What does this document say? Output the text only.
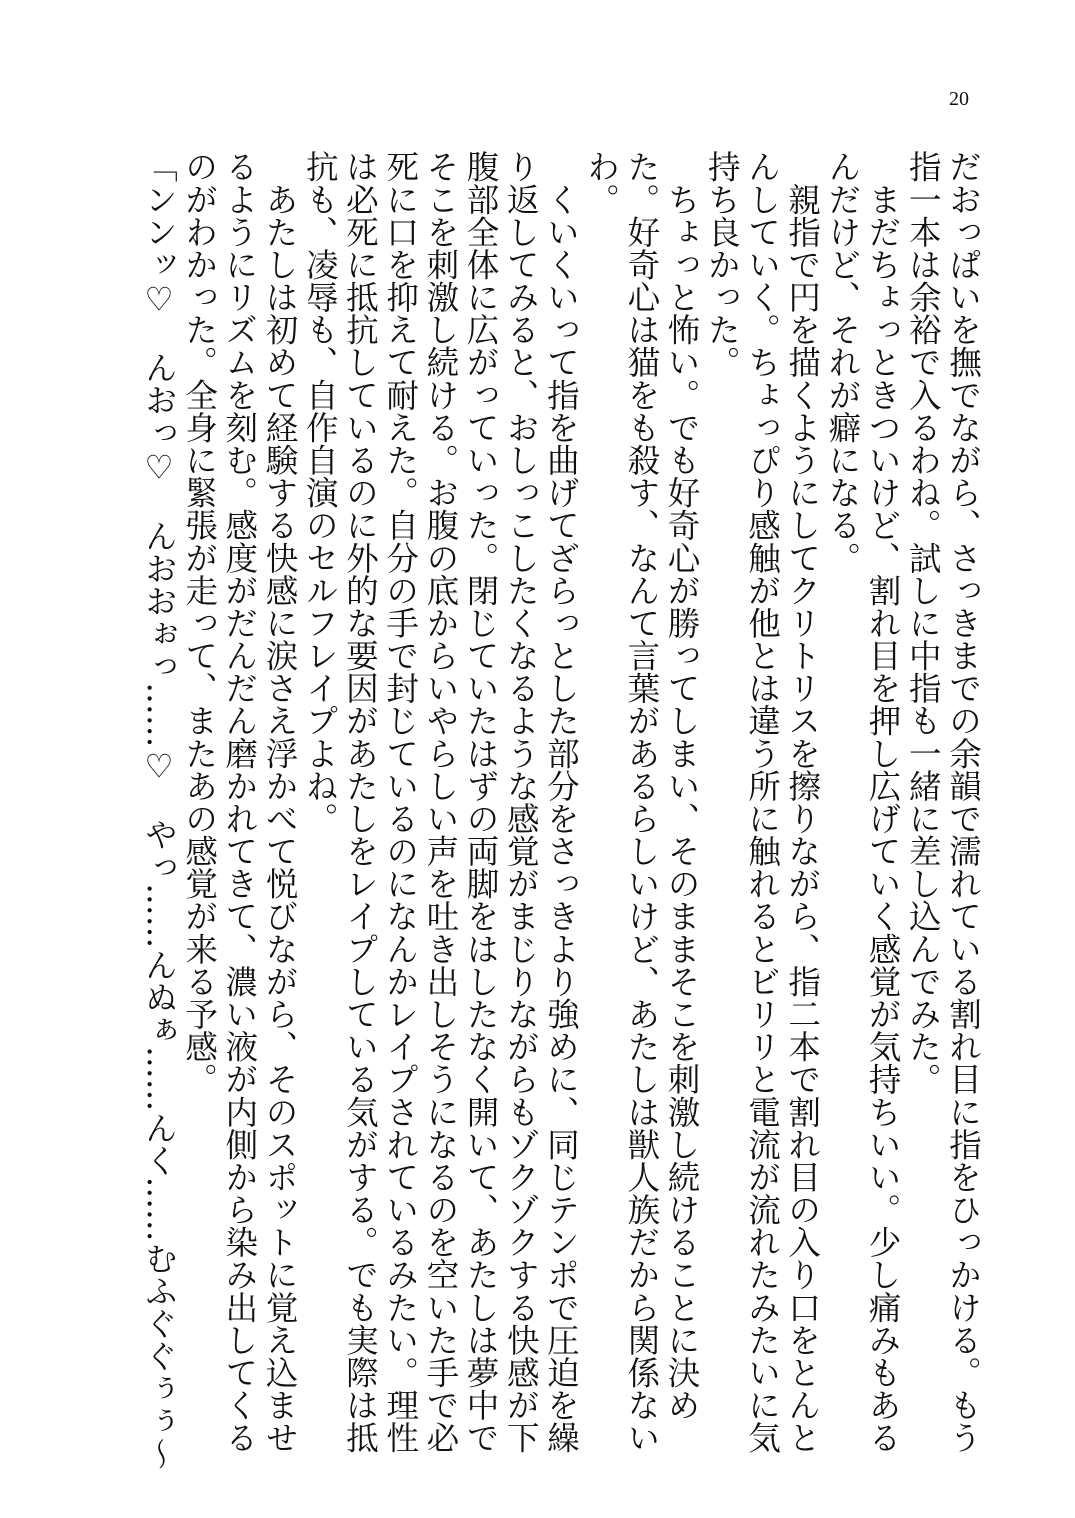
20

だおっぱいを撫でながら、さっきまでの余韻で濡れている割れ目に指をひっかける。もう指一本は余裕で入るわね。試しに中指も一緒に差し込んでみた。

　まだちょっときついけど、割れ目を押し広げていく感覚が気持ちいい。少し痛みもあるんだけど、それが癖になる。

　親指で円を描くようにしてクリトリスを擦りながら、指二本で割れ目の入り口をとんとんしていく。ちょっぴり感触が他とは違う所に触れるとビリリと電流が流れたみたいに気持ち良かった。

　ちょっと怖い。でも好奇心が勝ってしまい、そのままそこを刺激し続けることに決めた。好奇心は猫をも殺す、なんて言葉があるらしいけど、あたしは獣人族だから関係ないわ。

　くいくいって指を曲げてざらっとした部分をさっきより強めに、同じテンポで圧迫を繰り返してみると、おしっこしたくなるような感覚がまじりながらもゾクゾクする快感が下腹部全体に広がっていった。閉じていたはずの両脚をはしたなく開いて、あたしは夢中でそこを刺激し続ける。お腹の底からいやらしい声を吐き出しそうになるのを空いた手で必死に口を抑えて耐えた。自分の手で封じているのになんかレイプされているみたい。理性は必死に抵抗しているのに外的な要因があたしをレイプしている気がする。でも実際は抵抗も、凌辱も、自作自演のセルフレイプよね。

　あたしは初めて経験する快感に涙さえ浮かべて悦びながら、そのスポットに覚え込ませるようにリズムを刻む。感度がだんだん磨かれてきて、濃い液が内側から染み出してくるのがわかった。全身に緊張が走って、またあの感覚が来る予感。

「ンンッ♡　んおっ♡　んおおぉっ……♡　やっ……んぬぁ……んく……むふぐぐぅぅ〜
